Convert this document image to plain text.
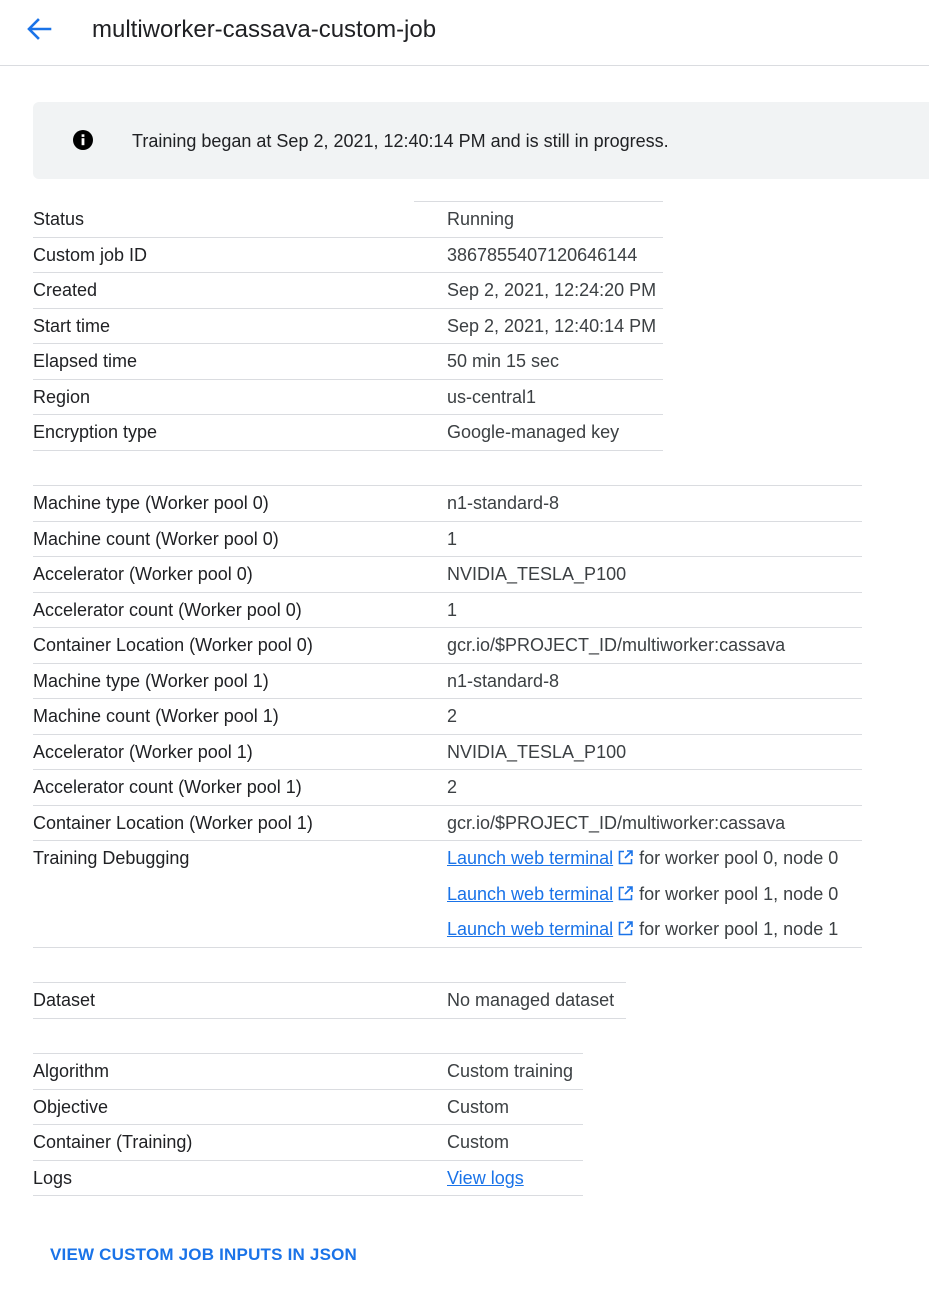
multiworker-cassava-custom-job
Training began at Sep 2, 2021, 12:40:14 PM and is still in progress.
Status	Running
Custom job ID	3867855407120646144
Created	Sep 2, 2021, 12:24:20 PM
Start time	Sep 2, 2021, 12:40:14 PM
Elapsed time	50 min 15 sec
Region	us-central1
Encryption type	Google-managed key
Machine type (Worker pool 0)	n1-standard-8
Machine count (Worker pool 0)	1
Accelerator (Worker pool 0)	NVIDIA_TESLA_P100
Accelerator count (Worker pool 0)	1
Container Location (Worker pool 0)	gcr.io/$PROJECT_ID/multiworker:cassava
Machine type (Worker pool 1)	n1-standard-8
Machine count (Worker pool 1)	2
Accelerator (Worker pool 1)	NVIDIA_TESLA_P100
Accelerator count (Worker pool 1)	2
Container Location (Worker pool 1)	gcr.io/$PROJECT_ID/multiworker:cassava
Training Debugging	Launch web terminal for worker pool 0, node 0
Launch web terminal for worker pool 1, node 0
Launch web terminal for worker pool 1, node 1
Dataset	No managed dataset
Algorithm	Custom training
Objective	Custom
Container (Training)	Custom
Logs	View logs
VIEW CUSTOM JOB INPUTS IN JSON
